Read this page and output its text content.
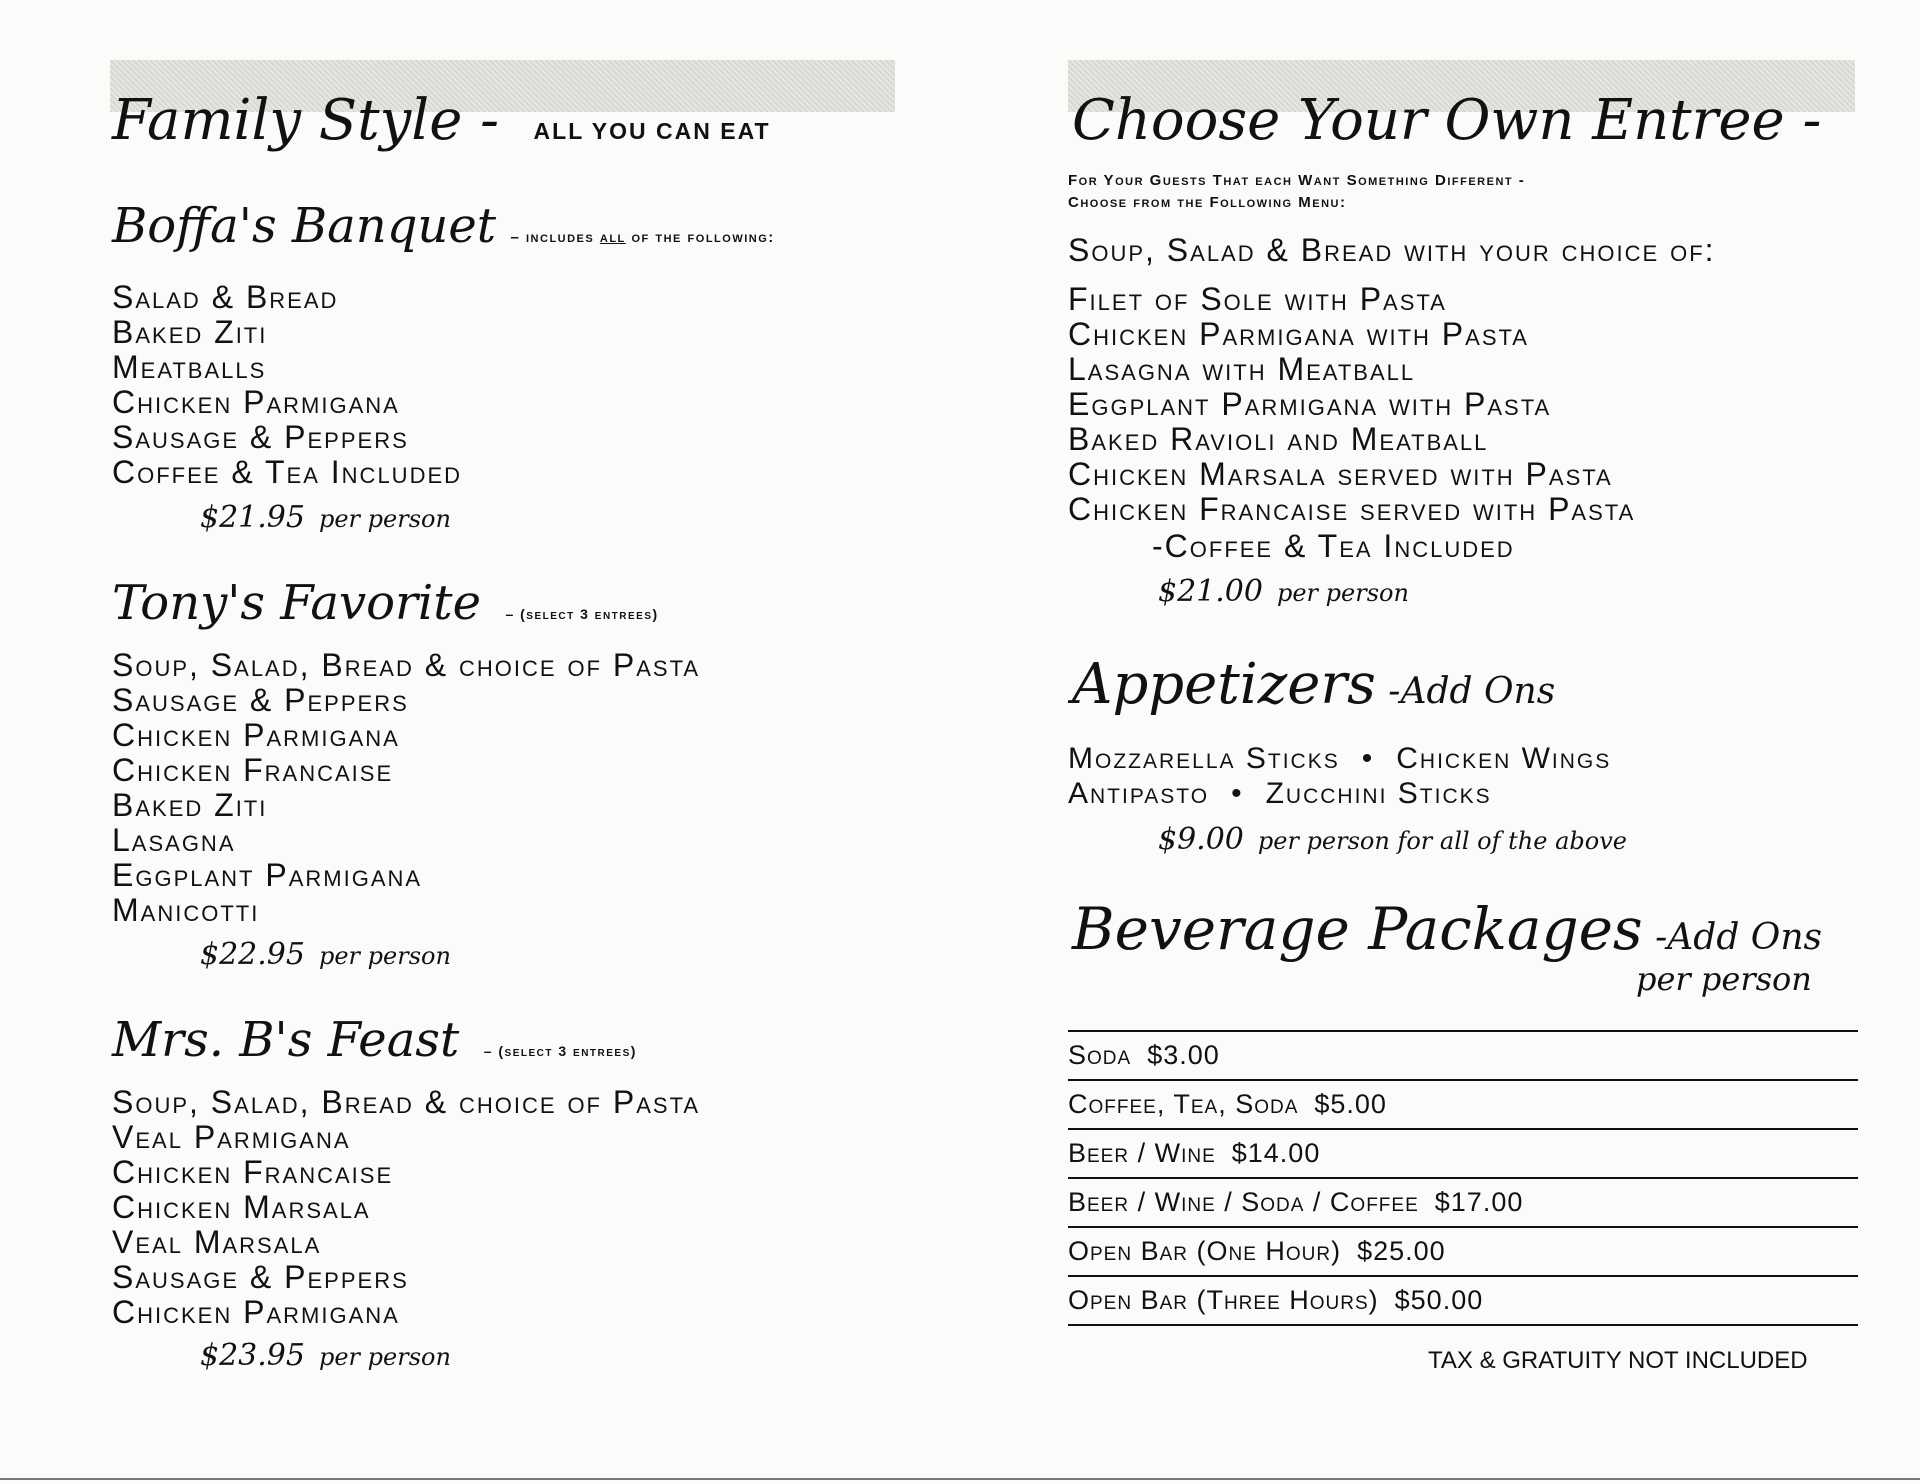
Family Style - ALL YOU CAN EAT
Boffa's Banquet – includes all of the following:
Salad & Bread
Baked Ziti
Meatballs
Chicken Parmigana
Sausage & Peppers
Coffee & Tea Included
$21.95 per person
Tony's Favorite – (select 3 entrees)
Soup, Salad, Bread & choice of Pasta
Sausage & Peppers
Chicken Parmigana
Chicken Francaise
Baked Ziti
Lasagna
Eggplant Parmigana
Manicotti
$22.95 per person
Mrs. B's Feast – (select 3 entrees)
Soup, Salad, Bread & choice of Pasta
Veal Parmigana
Chicken Francaise
Chicken Marsala
Veal Marsala
Sausage & Peppers
Chicken Parmigana
$23.95 per person
Choose Your Own Entree -
For Your Guests That each Want Something Different -
Choose from the Following Menu:
Soup, Salad & Bread with your choice of:
Filet of Sole with Pasta
Chicken Parmigana with Pasta
Lasagna with Meatball
Eggplant Parmigana with Pasta
Baked Ravioli and Meatball
Chicken Marsala served with Pasta
Chicken Francaise served with Pasta
-Coffee & Tea Included
$21.00 per person
Appetizers -Add Ons
Mozzarella Sticks • Chicken Wings
Antipasto • Zucchini Sticks
$9.00 per person for all of the above
Beverage Packages -Add Ons
per person
Soda $3.00
Coffee, Tea, Soda $5.00
Beer / Wine $14.00
Beer / Wine / Soda / Coffee $17.00
Open Bar (One Hour) $25.00
Open Bar (Three Hours) $50.00
TAX & GRATUITY NOT INCLUDED
